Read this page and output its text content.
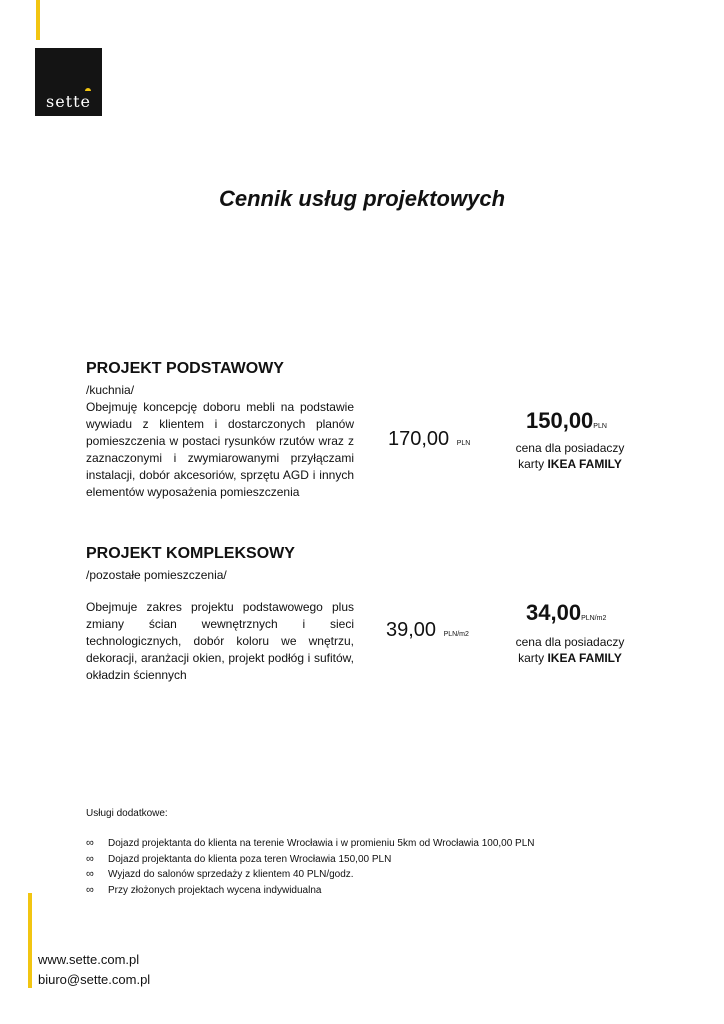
sette
Cennik usług projektowych
PROJEKT PODSTAWOWY
/kuchnia/
Obejmuję koncepcję doboru mebli na podstawie wywiadu z klientem i dostarczonych planów pomieszczenia w postaci rysunków rzutów wraz z zaznaczonymi i zwymiarowanymi przyłączami instalacji, dobór akcesoriów, sprzętu AGD i innych elementów wyposażenia pomieszczenia
170,00 PLN
150,00PLN
cena dla posiadaczy
karty IKEA FAMILY
PROJEKT KOMPLEKSOWY
/pozostałe pomieszczenia/
Obejmuje zakres projektu podstawowego plus zmiany ścian wewnętrznych i sieci technologicznych, dobór koloru we wnętrzu, dekoracji, aranżacji okien, projekt podłóg i sufitów, okładzin ściennych
39,00 PLN/m2
34,00PLN/m2
cena dla posiadaczy
karty IKEA FAMILY
Usługi dodatkowe:
∞	Dojazd projektanta do klienta na terenie Wrocławia i w promieniu 5km od Wrocławia 100,00 PLN
∞	Dojazd projektanta do klienta poza teren Wrocławia 150,00 PLN
∞	Wyjazd do salonów sprzedaży z klientem 40 PLN/godz.
∞	Przy złożonych projektach wycena indywidualna
www.sette.com.pl
biuro@sette.com.pl
